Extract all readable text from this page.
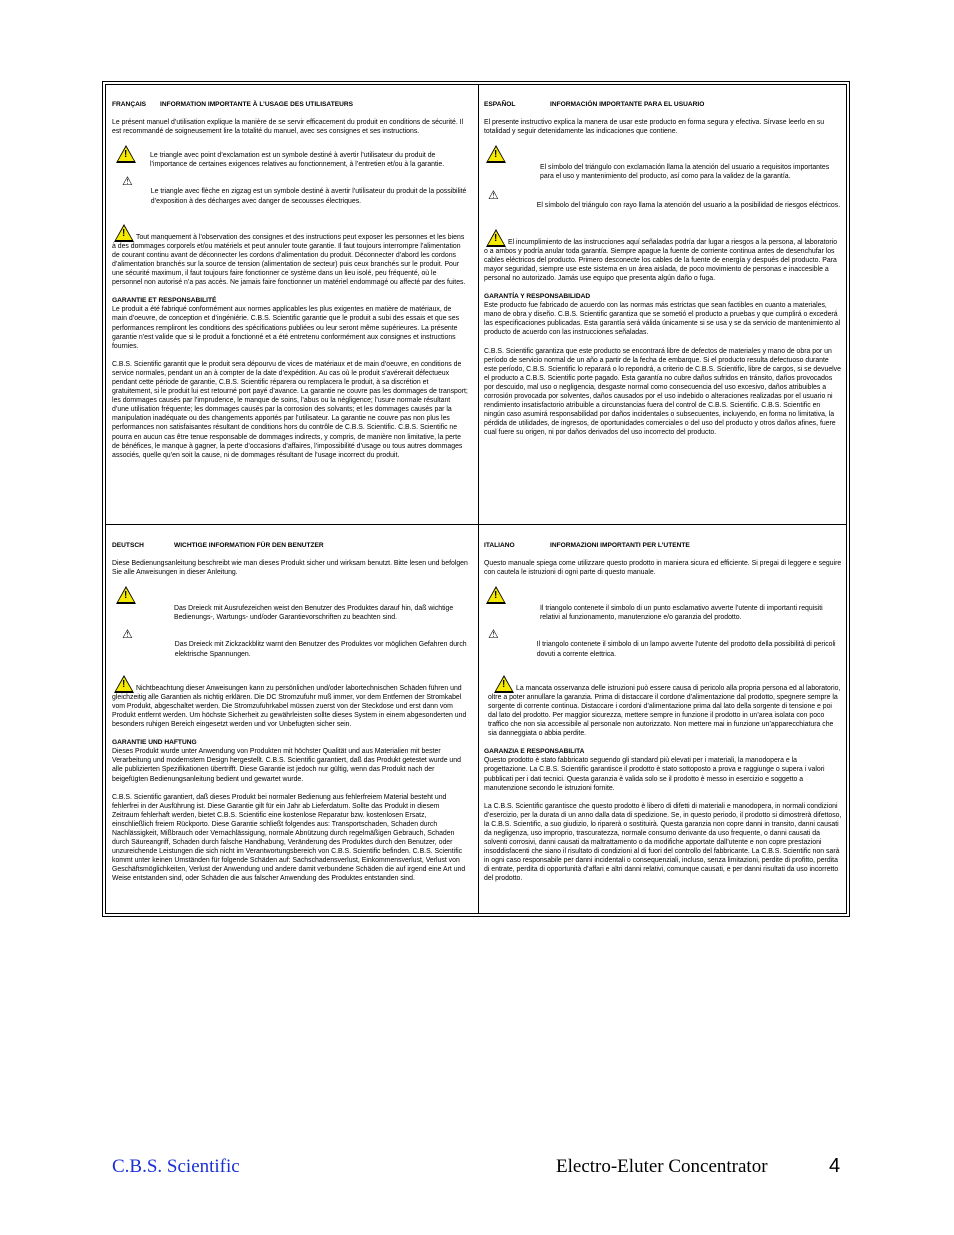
FRANÇAIS INFORMATION IMPORTANTE À L’USAGE DES UTILISATEURS

Le présent manuel d’utilisation explique la manière de se servir efficacement du produit en conditions de sécurité. Il est recommandé de soigneusement lire la totalité du manuel, avec ses consignes et ses instructions.

!	Le triangle avec point d’exclamation est un symbole destiné à avertir l’utilisateur du produit de l’importance de certaines exigences relatives au fonctionnement, à l’entretien et/ou à la garantie.

⚠

Le triangle avec flèche en zigzag est un symbole destiné à avertir l’utilisateur du produit de la possibilité d’exposition à des décharges avec danger de secousses électriques.

!	Tout manquement à l’observation des consignes et des instructions peut exposer les personnes et les biens à des dommages corporels et/ou matériels et peut annuler toute garantie. Il faut toujours interrompre l’alimentation de courant continu avant de déconnecter les cordons d’alimentation du produit. Déconnecter d’abord les cordons d’alimentation branchés sur la source de tension (alimentation de secteur) puis ceux branchés sur le produit. Pour une sécurité maximum, il faut toujours faire fonctionner ce système dans un lieu isolé, peu fréquenté, où le personnel non autorisé n’a pas accès. Ne jamais faire fonctionner un matériel endommagé ou affecté par des fuites.

GARANTIE ET RESPONSABILITÉ

Le produit a été fabriqué conformément aux normes applicables les plus exigentes en matière de matériaux, de main d’oeuvre, de conception et d’ingéniérie. C.B.S. Scientific garantie que le produit a subi des essais et que ses performances rempliront les conditions des spécifications publiées ou leur seront même supérieures. La présente garantie n’est valide que si le produit a fonctionné et a été entretenu conformément aux consignes et instructions fournies.

C.B.S. Scientific garantit que le produit sera dépourvu de vices de matériaux et de main d’oeuvre, en conditions de service normales, pendant un an à compter de la date d’expédition. Au cas où le produit s’avérerait défectueux pendant cette période de garantie, C.B.S. Scientific réparera ou remplacera le produit, à sa discrétion et gratuitement, si le produit lui est retourné port payé d’avance. La garantie ne couvre pas les dommages de transport; les dommages causés par l’imprudence, le manque de soins, l’abus ou la négligence; l’usure normale résultant d’une utilisation fréquente; les dommages causés par la corrosion des solvants; et les dommages causés par la manipulation inadéquate ou des changements apportés par l’utilisateur. La garantie ne couvre pas non plus les performances non satisfaisantes résultant de conditions hors du contrôle de C.B.S. Scientific. C.B.S. Scientific ne pourra en aucun cas être tenue responsable de dommages indirects, y compris, de manière non limitative, la perte de bénéfices, le manque à gagner, la perte d’occasions d’affaires, l’impossibilité d’usage ou tous autres dommages associés, quelle qu’en soit la cause, ni de dommages résultant de l’usage incorrect du produit.

ESPAÑOL	INFORMACIÓN IMPORTANTE PARA EL USUARIO

El presente instructivo explica la manera de usar este producto en forma segura y efectiva. Sírvase leerlo en su totalidad y seguir detenidamente las indicaciones que contiene.

!

El símbolo del triángulo con exclamación llama la atención del usuario a requisitos importantes para el uso y mantenimiento del producto, así como para la validez de la garantía.

⚠

El símbolo del triángulo con rayo llama la atención del usuario a la posibilidad de riesgos eléctricos.

!	El incumplimiento de las instrucciones aquí señaladas podría dar lugar a riesgos a la persona, al laboratorio o a ambos y podría anular toda garantía. Siempre apague la fuente de corriente continua antes de desenchufar los cables eléctricos del producto. Primero desconecte los cables de la fuente de energía y después del producto. Para mayor seguridad, siempre use este sistema en un área aislada, de poco movimiento de personas e inaccesible a personal no autorizado. Jamás use equipo que presenta algún daño o fuga.

GARANTÍA Y RESPONSABILIDAD

Este producto fue fabricado de acuerdo con las normas más estrictas que sean factibles en cuanto a materiales, mano de obra y diseño. C.B.S. Scientific garantiza que se sometió el producto a pruebas y que cumplirá o excederá las especificaciones publicadas. Esta garantía será válida únicamente si se usa y se da servicio de mantenimiento al producto de acuerdo con las instrucciones señaladas.

C.B.S. Scientific garantiza que este producto se encontrará libre de defectos de materiales y mano de obra por un período de servicio normal de un año a partir de la fecha de embarque. Si el producto resulta defectuoso durante este período, C.B.S. Scientific lo reparará o lo repondrá, a criterio de C.B.S. Scientific, libre de cargos, si se devuelve el producto a C.B.S. Scientific porte pagado. Esta garantía no cubre daños sufridos en tránsito, daños provocados por descuido, mal uso o negligencia, desgaste normal como consecuencia del uso excesivo, daños atribuibles a corrosión provocada por solventes, daños causados por el uso indebido o alteraciones realizadas por el usuario ni rendimiento insatisfactorio atribuible a circunstancias fuera del control de C.B.S. Scientific. C.B.S. Scientific en ningún caso asumirá responsabilidad por daños incidentales o subsecuentes, incluyendo, en forma no limitativa, la pérdida de utilidades, de ingresos, de oportunidades comerciales o del uso del producto y otros daños afines, fuere cual fuere su origen, ni por daños derivados del uso incorrecto del producto.

DEUTSCH	WICHTIGE INFORMATION FÜR DEN BENUTZER

Diese Bedienungsanleitung beschreibt wie man dieses Produkt sicher und wirksam benutzt. Bitte lesen und befolgen Sie alle Anweisungen in dieser Anleitung.

!

Das Dreieck mit Ausrufezeichen weist den Benutzer des Produktes darauf hin, daß wichtige Bedienungs-, Wartungs- und/oder Garantievorschriften zu beachten sind.

⚠

Das Dreieck mit Zickzackblitz warnt den Benutzer des Produktes vor möglichen Gefahren durch elektrische Spannungen.

!	Nichtbeachtung dieser Anweisungen kann zu persönlichen und/oder labortechnischen Schäden führen und gleichzeitig alle Garantien als nichtig erklären. Die DC Stromzufuhr muß immer, vor dem Entfernen der Stromkabel vom Produkt, abgeschaltet werden. Die Stromzufuhrkabel müssen zuerst von der Steckdose und erst dann vom Produkt entfernt werden. Um höchste Sicherheit zu gewährleisten sollte dieses System in einem abgesonderten und besonders ruhigen Bereich eingesetzt werden und vor Unbefugten sicher sein.

GARANTIE UND HAFTUNG

Dieses Produkt wurde unter Anwendung von Produkten mit höchster Qualität und aus Materialien mit bester Verarbeitung und modernstem Design hergestellt. C.B.S. Scientific garantiert, daß das Produkt getestet wurde und alle publizierten Spezifikationen übertrifft. Diese Garantie ist jedoch nur gültig, wenn das Produkt nach der beigefügten Bedienungsanleitung bedient und gewartet wurde.

C.B.S. Scientific garantiert, daß dieses Produkt bei normaler Bedienung aus fehlerfreiem Material besteht und fehlerfrei in der Ausführung ist. Diese Garantie gilt für ein Jahr ab Lieferdatum. Sollte das Produkt in diesem Zeitraum fehlerhaft werden, bietet C.B.S. Scientific eine kostenlose Reparatur bzw. kostenlosen Ersatz, einschließlich freiem Rückporto. Diese Garantie schließt folgendes aus: Transportschaden, Schaden durch Nachlässigkeit, Mißbrauch oder Vernachlässigung, normale Abnützung durch regelmäßigen Gebrauch, Schaden durch Säureangriff, Schaden durch falsche Handhabung, Veränderung des Produktes durch den Benutzer, oder unzureichende Leistungen die sich nicht im Verantwortungsbereich von C.B.S. Scientific befinden. C.B.S. Scientific kommt unter keinen Umständen für folgende Schäden auf: Sachschadensverlust, Einkommensverlust, Verlust von Geschäftsmöglichkeiten, Verlust der Anwendung und andere damit verbundene Schäden die auf irgend eine Art und Weise entstanden sind, oder Schäden die aus falscher Anwendung des Produktes entstanden sind.

ITALIANO	INFORMAZIONI IMPORTANTI PER L’UTENTE

Questo manuale spiega come utilizzare questo prodotto in maniera sicura ed efficiente. Si pregai di leggere e seguire con cautela le istruzioni di ogni parte di questo manuale.

!

Il triangolo contenete il simbolo di un punto esclamativo avverte l’utente di importanti requisiti relativi al funzionamento, manutenzione e/o garanzia del prodotto.

⚠

Il triangolo contenete il simbolo di un lampo avverte l’utente del prodotto della possibilità di pericoli dovuti a corrente elettrica.

!	La mancata osservanza delle istruzioni può essere causa di pericolo alla propria persona ed al laboratorio, oltre a poter annullare la garanzia. Prima di distaccare il cordone d’alimentazione dal prodotto, spegnere sempre la sorgente di corrente continua. Distaccare i cordoni d’alimentazione prima dal lato della sorgente di tensione e poi dal lato del prodotto. Per maggior sicurezza, mettere sempre in funzione il prodotto in un’area isolata con poco traffico che non sia accessibile al personale non autorizzato. Non mettere mai in funzione un’apparecchiatura che sia danneggiata o abbia perdite.

GARANZIA E RESPONSABILITA

Questo prodotto è stato fabbricato seguendo gli standard più elevati per i materiali, la manodopera e la progettazione. La C.B.S. Scientific garantisce il prodotto è stato sottoposto a prova e raggiunge o supera i valori pubblicati per i dati tecnici. Questa garanzia è valida solo se il prodotto è messo in esercizio e soggetto a manutenzione secondo le istruzioni fornite.

La C.B.S. Scientific garantisce che questo prodotto è libero di difetti di materiali e manodopera, in normali condizioni d’esercizio, per la durata di un anno dalla data di spedizione. Se, in questo periodo, il prodotto si dimostrerà difettoso, la C.B.S. Scientific, a suo giudizio, lo riparerà o sostituirà. Questa garanzia non copre danni in transito, danni causati da negligenza, uso improprio, trascuratezza, normale consumo derivante da uso frequente, o danni causati da solventi corrosivi, danni causati da maltrattamento o da modifiche apportate dall’utente e non copre prestazioni insoddisfacenti che siano il risultato di condizioni al di fuori del controllo del fabbricante. La C.B.S. Scientific non sarà in ogni caso responsabile per danni incidentali o consequenziali, incluso, senza limitazioni, perdite di profitto, perdita di entrate, perdita di opportunità d’affari e altri danni relativi, comunque causati, e per danni risultati da uso incorretto del prodotto.

C.B.S. Scientific	Electro-Eluter Concentrator	4
